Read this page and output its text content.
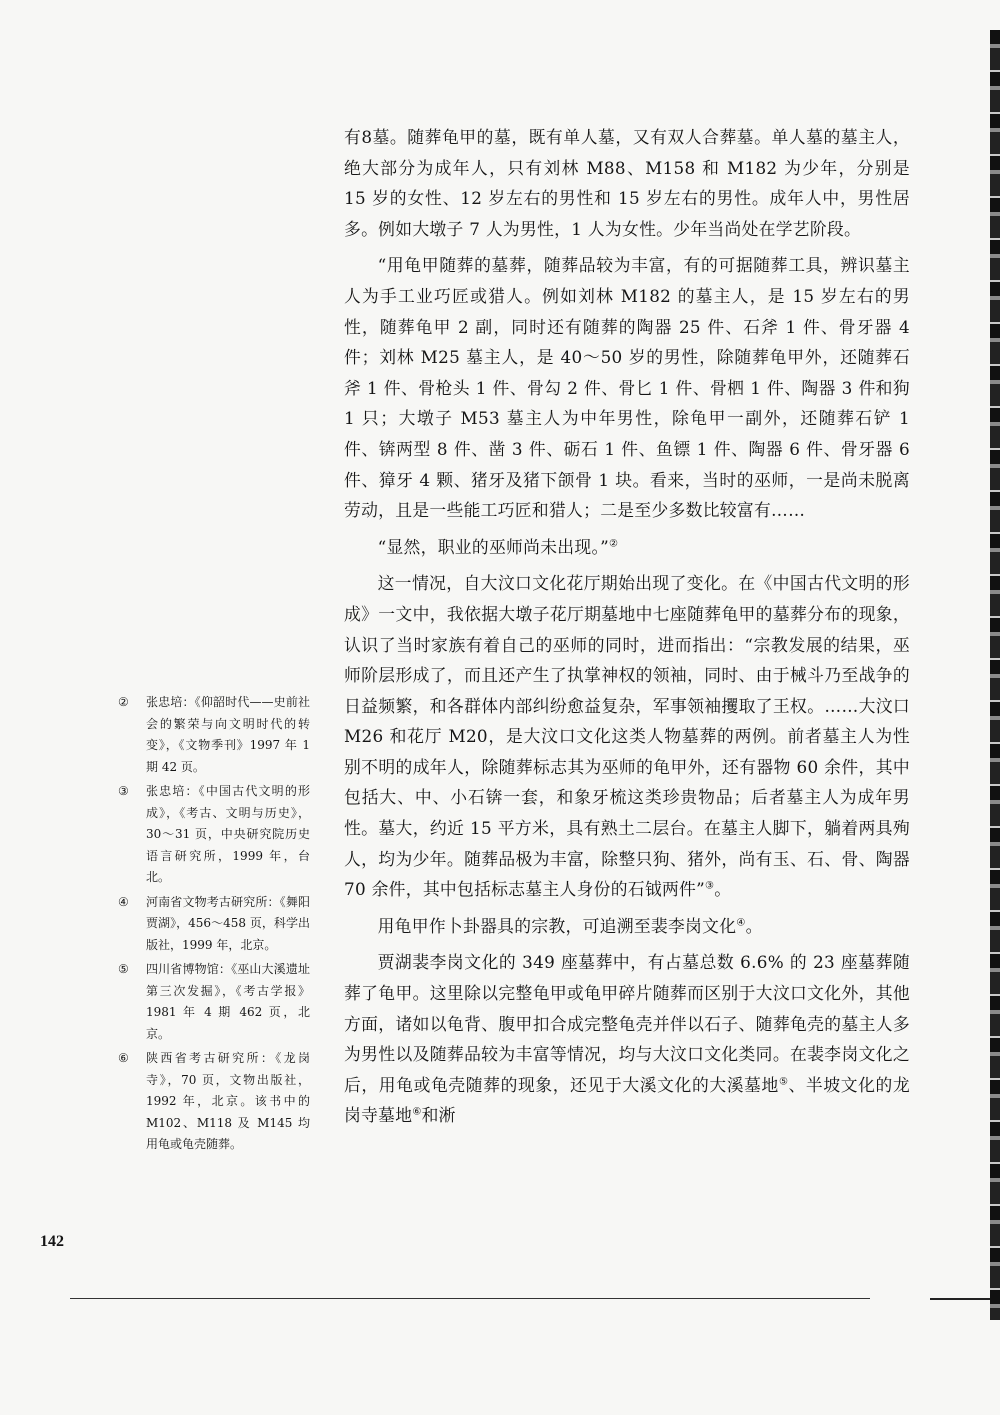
有8墓。随葬龟甲的墓，既有单人墓，又有双人合葬墓。单人墓的墓主人，绝大部分为成年人，只有刘林 M88、M158 和 M182 为少年，分别是 15 岁的女性、12 岁左右的男性和 15 岁左右的男性。成年人中，男性居多。例如大墩子 7 人为男性，1 人为女性。少年当尚处在学艺阶段。

“用龟甲随葬的墓葬，随葬品较为丰富，有的可据随葬工具，辨识墓主人为手工业巧匠或猎人。例如刘林 M182 的墓主人，是 15 岁左右的男性，随葬龟甲 2 副，同时还有随葬的陶器 25 件、石斧 1 件、骨牙器 4 件；刘林 M25 墓主人，是 40～50 岁的男性，除随葬龟甲外，还随葬石斧 1 件、骨枪头 1 件、骨勾 2 件、骨匕 1 件、骨柶 1 件、陶器 3 件和狗 1 只；大墩子 M53 墓主人为中年男性，除龟甲一副外，还随葬石铲 1 件、锛两型 8 件、凿 3 件、砺石 1 件、鱼镖 1 件、陶器 6 件、骨牙器 6 件、獐牙 4 颗、猪牙及猪下颌骨 1 块。看来，当时的巫师，一是尚未脱离劳动，且是一些能工巧匠和猎人；二是至少多数比较富有……

“显然，职业的巫师尚未出现。”②

这一情况，自大汶口文化花厅期始出现了变化。在《中国古代文明的形成》一文中，我依据大墩子花厅期墓地中七座随葬龟甲的墓葬分布的现象，认识了当时家族有着自己的巫师的同时，进而指出：“宗教发展的结果，巫师阶层形成了，而且还产生了执掌神权的领袖，同时、由于械斗乃至战争的日益频繁，和各群体内部纠纷愈益复杂，军事领袖攫取了王权。……大汶口 M26 和花厅 M20，是大汶口文化这类人物墓葬的两例。前者墓主人为性别不明的成年人，除随葬标志其为巫师的龟甲外，还有器物 60 余件，其中包括大、中、小石锛一套，和象牙梳这类珍贵物品；后者墓主人为成年男性。墓大，约近 15 平方米，具有熟土二层台。在墓主人脚下，躺着两具殉人，均为少年。随葬品极为丰富，除整只狗、猪外，尚有玉、石、骨、陶器 70 余件，其中包括标志墓主人身份的石钺两件”③。

用龟甲作卜卦器具的宗教，可追溯至裴李岗文化④。

贾湖裴李岗文化的 349 座墓葬中，有占墓总数 6.6% 的 23 座墓葬随葬了龟甲。这里除以完整龟甲或龟甲碎片随葬而区别于大汶口文化外，其他方面，诸如以龟背、腹甲扣合成完整龟壳并伴以石子、随葬龟壳的墓主人多为男性以及随葬品较为丰富等情况，均与大汶口文化类同。在裴李岗文化之后，用龟或龟壳随葬的现象，还见于大溪文化的大溪墓地⑤、半坡文化的龙岗寺墓地⑥和淅

②	张忠培：《仰韶时代——史前社会的繁荣与向文明时代的转变》，《文物季刊》1997 年 1 期 42 页。
③	张忠培：《中国古代文明的形成》，《考古、文明与历史》，30～31 页，中央研究院历史语言研究所，1999 年，台北。
④	河南省文物考古研究所：《舞阳贾湖》，456～458 页，科学出版社，1999 年，北京。
⑤	四川省博物馆：《巫山大溪遗址第三次发掘》，《考古学报》1981 年 4 期 462 页，北京。
⑥	陕西省考古研究所：《龙岗寺》，70 页，文物出版社，1992 年，北京。该书中的 M102、M118 及 M145 均用龟或龟壳随葬。
142
